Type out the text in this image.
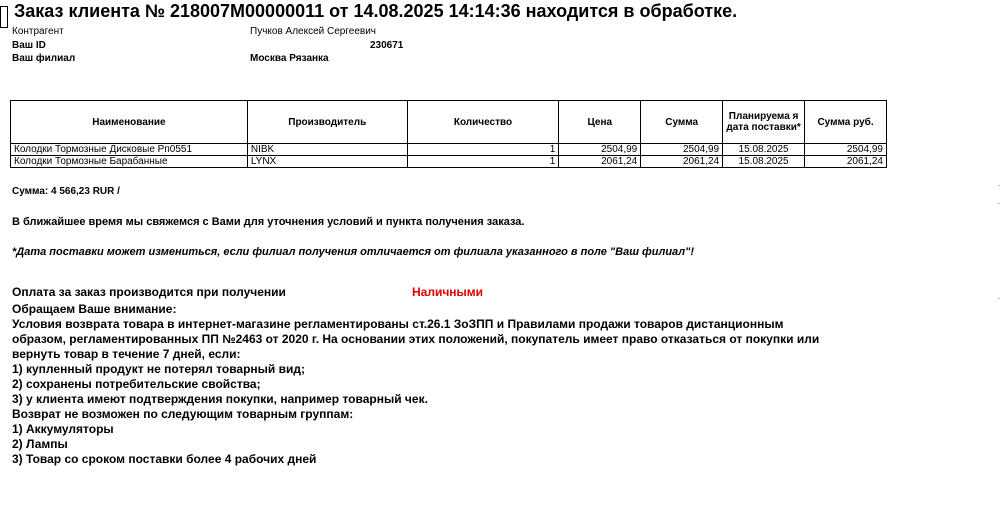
Заказ клиента № 218007M00000011 от 14.08.2025 14:14:36 находится в обработке.
Контрагент	Пучков Алексей Сергеевич
Ваш ID	230671
Ваш филиал	Москва Рязанка
Наименование	Производитель	Количество	Цена	Сумма	Планируема я дата поставки*	Сумма руб.
Колодки Тормозные Дисковые Рп0551	NIBK	1	2504,99	2504,99	15.08.2025	2504,99
Колодки Тормозные Барабанные	LYNX	1	2061,24	2061,24	15.08.2025	2061,24
Сумма: 4 566,23 RUR /
В ближайшее время мы свяжемся с Вами для уточнения условий и пункта получения заказа.
*Дата поставки может измениться, если филиал получения отличается от филиала указанного в поле "Ваш филиал"!
Оплата за заказ производится при получении	Наличными
Обращаем Ваше внимание:
Условия возврата товара в интернет-магазине регламентированы ст.26.1 ЗоЗПП и Правилами продажи товаров дистанционным
образом, регламентированных ПП №2463 от 2020 г. На основании этих положений, покупатель имеет право отказаться от покупки или
вернуть товар в течение 7 дней, если:
1) купленный продукт не потерял товарный вид;
2) сохранены потребительские свойства;
3) у клиента имеют подтверждения покупки, например товарный чек.
Возврат не возможен по следующим товарным группам:
1) Аккумуляторы
2) Лампы
3) Товар со сроком поставки более 4 рабочих дней
